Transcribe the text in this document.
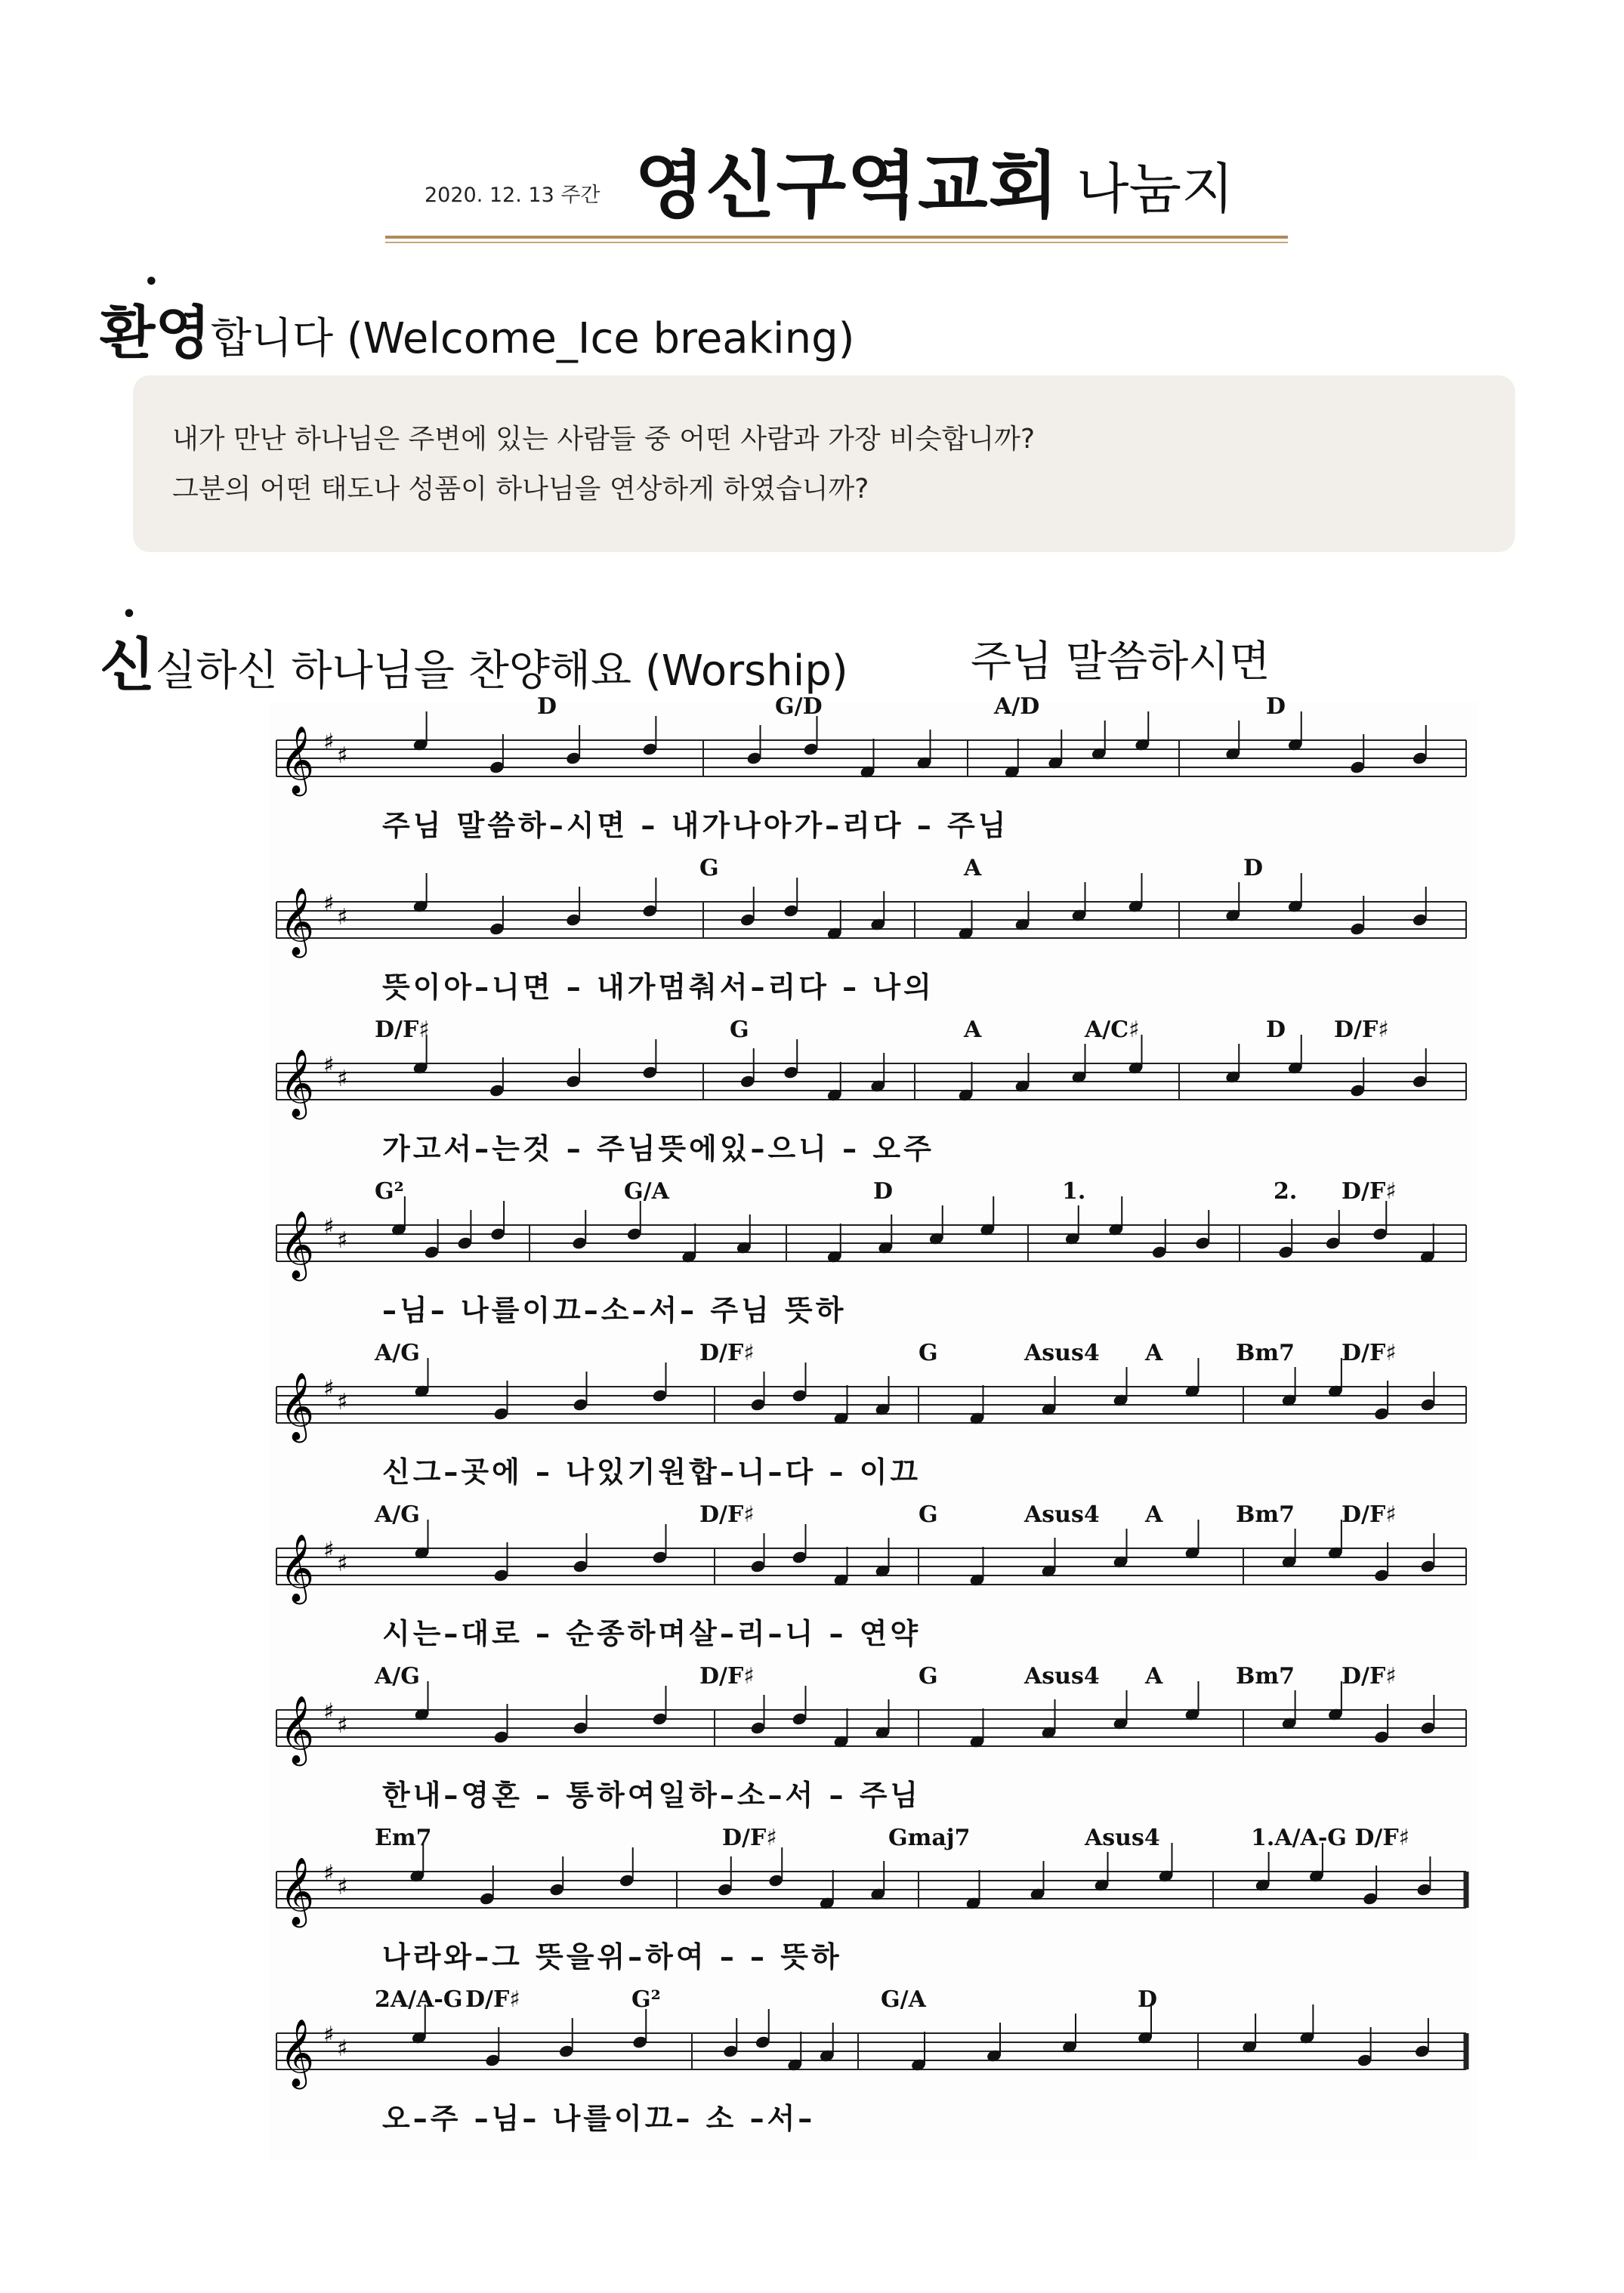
2020. 12. 13 주간 영신구역교회 나눔지
환영합니다 (Welcome_Ice breaking)
내가 만난 하나님은 주변에 있는 사람들 중 어떤 사람과 가장 비슷합니까?
그분의 어떤 태도나 성품이 하나님을 연상하게 하였습니까?
신실하신 하나님을 찬양해요 (Worship)	주님 말씀하시면
𝄞 ♯
♯
𝄞 ♯
♯
𝄞 ♯
♯
𝄞 ♯
♯
𝄞 ♯
♯
𝄞 ♯
♯
𝄞 ♯
♯
𝄞 ♯
♯
𝄞 ♯
♯
D	G/D	A/D	D
주님 말씀하–시면 – 내가나아가–리다 – 주님
G	A	D
뜻이아–니면 – 내가멈춰서–리다 – 나의
D/F♯	G	A	A/C♯	D D/F♯
가고서–는것 – 주님뜻에있–으니 – 오주
G²	G/A	D	1.	2. D/F♯
–님– 나를이끄–소–서– 주님 뜻하
A/G	D/F♯	G	Asus4 A	Bm7 D/F♯
신그–곳에 – 나있기원합–니–다 – 이끄
A/G	D/F♯	G	Asus4 A	Bm7 D/F♯
시는–대로 – 순종하며살–리–니 – 연약
A/G	D/F♯	G	Asus4 A	Bm7 D/F♯
한내–영혼 – 통하여일하–소–서 – 주님
Em7	D/F♯	Gmaj7	Asus4	1.A/A-G D/F♯
나라와–그 뜻을위–하여 – – 뜻하
2A/A-G D/F♯	G²	G/A	D
오–주 –님– 나를이끄– 소 –서–
